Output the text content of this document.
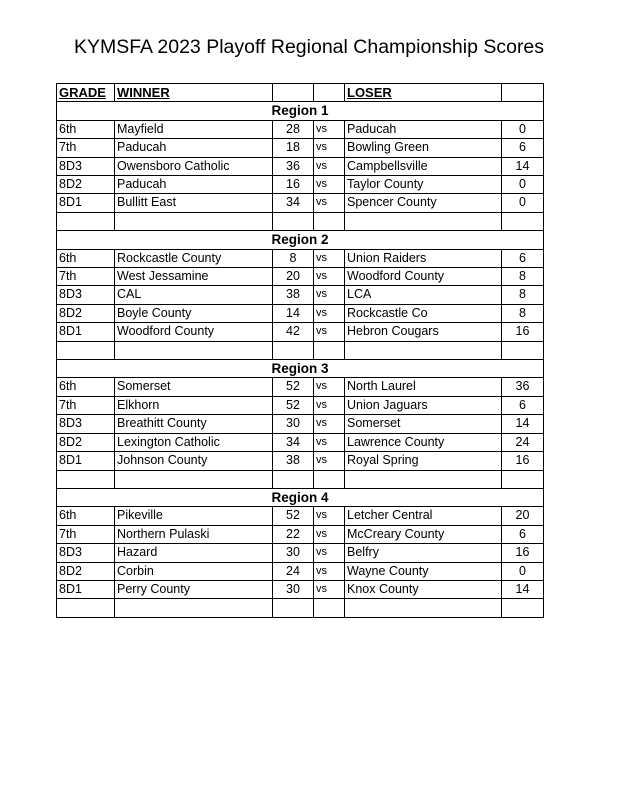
KYMSFA 2023 Playoff Regional Championship Scores
GRADE	WINNER			LOSER	
Region 1					
6th	Mayfield	28	vs	Paducah	0
7th	Paducah	18	vs	Bowling Green	6
8D3	Owensboro Catholic	36	vs	Campbellsville	14
8D2	Paducah	16	vs	Taylor County	0
8D1	Bullitt East	34	vs	Spencer County	0

Region 2					
6th	Rockcastle County	8	vs	Union Raiders	6
7th	West Jessamine	20	vs	Woodford County	8
8D3	CAL	38	vs	LCA	8
8D2	Boyle County	14	vs	Rockcastle Co	8
8D1	Woodford County	42	vs	Hebron Cougars	16

Region 3					
6th	Somerset	52	vs	North Laurel	36
7th	Elkhorn	52	vs	Union Jaguars	6
8D3	Breathitt County	30	vs	Somerset	14
8D2	Lexington Catholic	34	vs	Lawrence County	24
8D1	Johnson County	38	vs	Royal Spring	16

Region 4					
6th	Pikeville	52	vs	Letcher Central	20
7th	Northern Pulaski	22	vs	McCreary County	6
8D3	Hazard	30	vs	Belfry	16
8D2	Corbin	24	vs	Wayne County	0
8D1	Perry County	30	vs	Knox County	14
